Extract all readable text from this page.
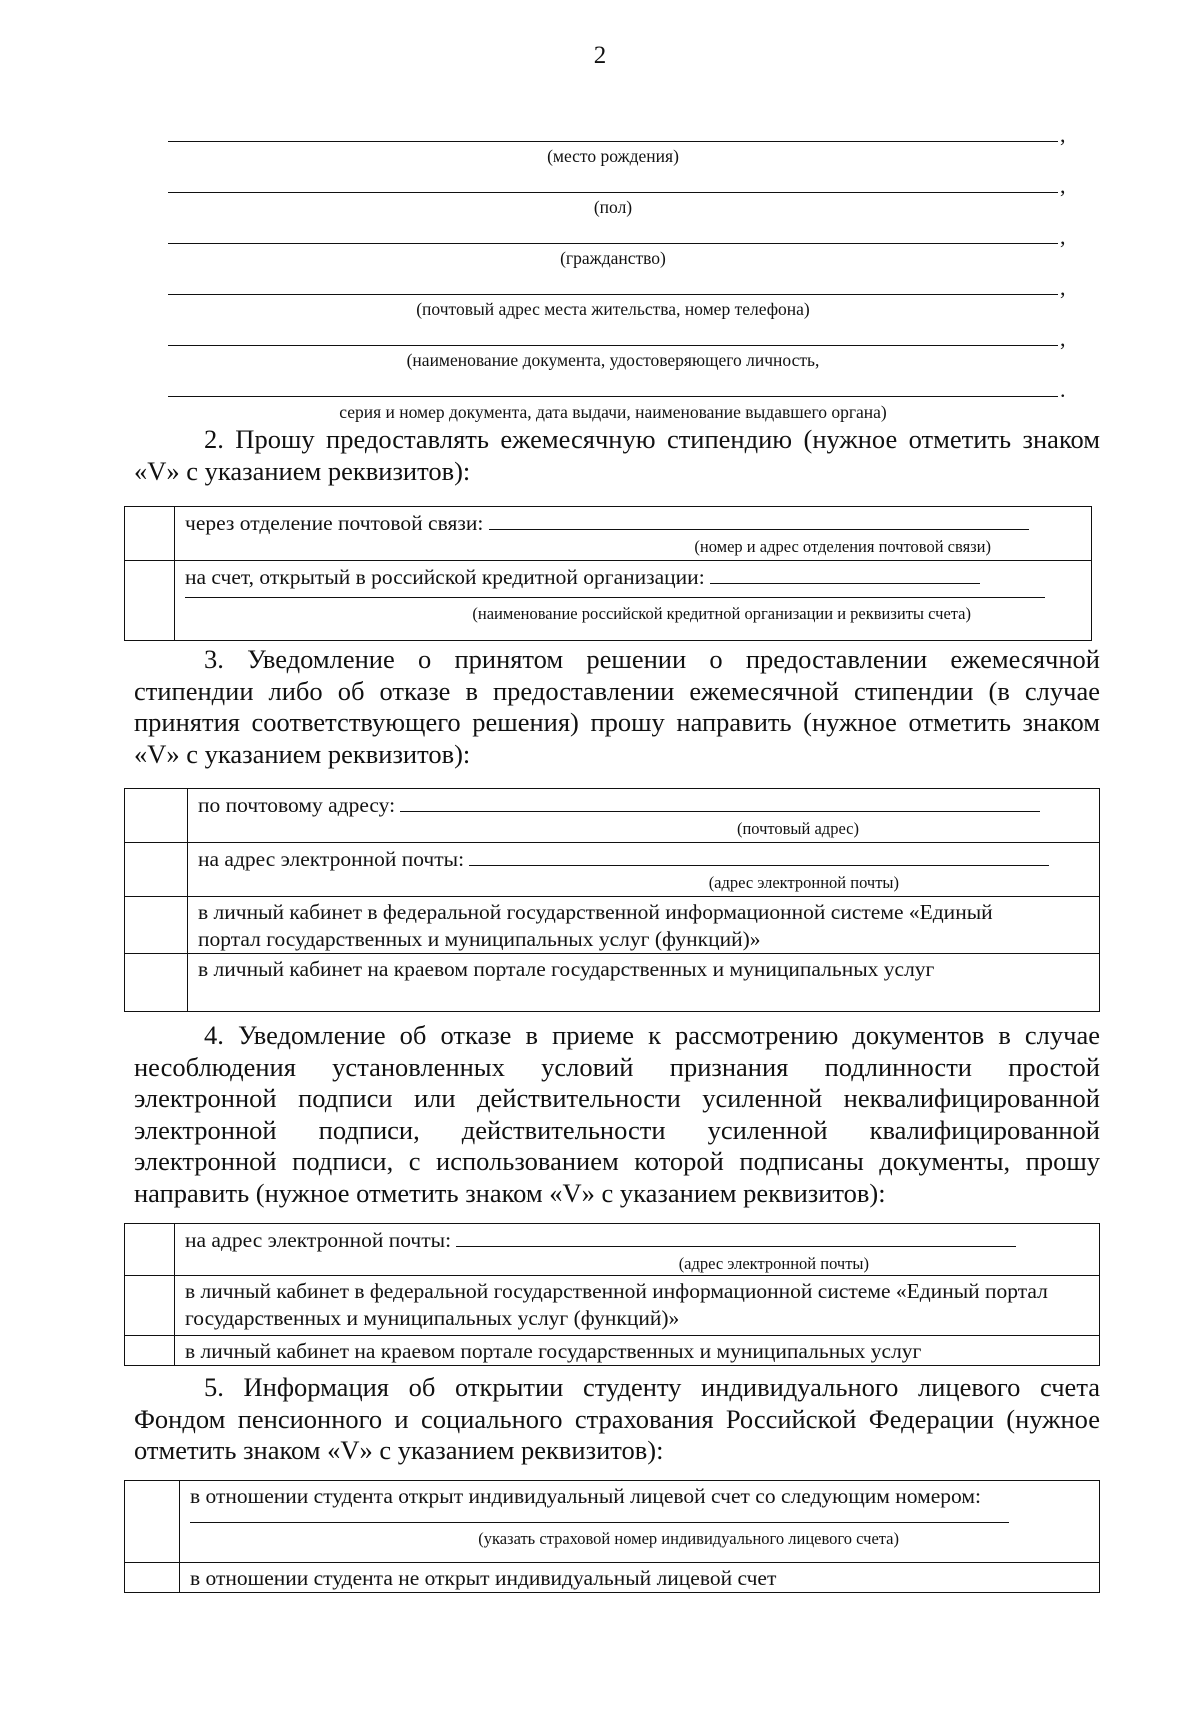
2
,
(место рождения)
,
(пол)
,
(гражданство)
,
(почтовый адрес места жительства, номер телефона)
,
(наименование документа, удостоверяющего личность,
.
серия и номер документа, дата выдачи, наименование выдавшего органа)

2. Прошу предоставлять ежемесячную стипендию (нужное отметить знаком «V» с указанием реквизитов):

	через отделение почтовой связи:
(номер и адрес отделения почтовой связи)

	на счет, открытый в российской кредитной организации:
(наименование российской кредитной организации и реквизиты счета)

3. Уведомление о принятом решении о предоставлении ежемесячной стипендии либо об отказе в предоставлении ежемесячной стипендии (в случае принятия соответствующего решения) прошу направить (нужное отметить знаком «V» с указанием реквизитов):

	по почтовому адресу:
(почтовый адрес)

	на адрес электронной почты:
(адрес электронной почты)

	в личный кабинет в федеральной государственной информационной системе «Единый портал государственных и муниципальных услуг (функций)»

	в личный кабинет на краевом портале государственных и муниципальных услуг

4. Уведомление об отказе в приеме к рассмотрению документов в случае несоблюдения установленных условий признания подлинности простой электронной подписи или действительности усиленной неквалифицированной электронной подписи, действительности усиленной квалифицированной электронной подписи, с использованием которой подписаны документы, прошу направить (нужное отметить знаком «V» с указанием реквизитов):

	на адрес электронной почты:
(адрес электронной почты)

	в личный кабинет в федеральной государственной информационной системе «Единый портал государственных и муниципальных услуг (функций)»

	в личный кабинет на краевом портале государственных и муниципальных услуг

5. Информация об открытии студенту индивидуального лицевого счета Фондом пенсионного и социального страхования Российской Федерации (нужное отметить знаком «V» с указанием реквизитов):

	в отношении студента открыт индивидуальный лицевой счет со следующим номером:
(указать страховой номер индивидуального лицевого счета)

	в отношении студента не открыт индивидуальный лицевой счет
